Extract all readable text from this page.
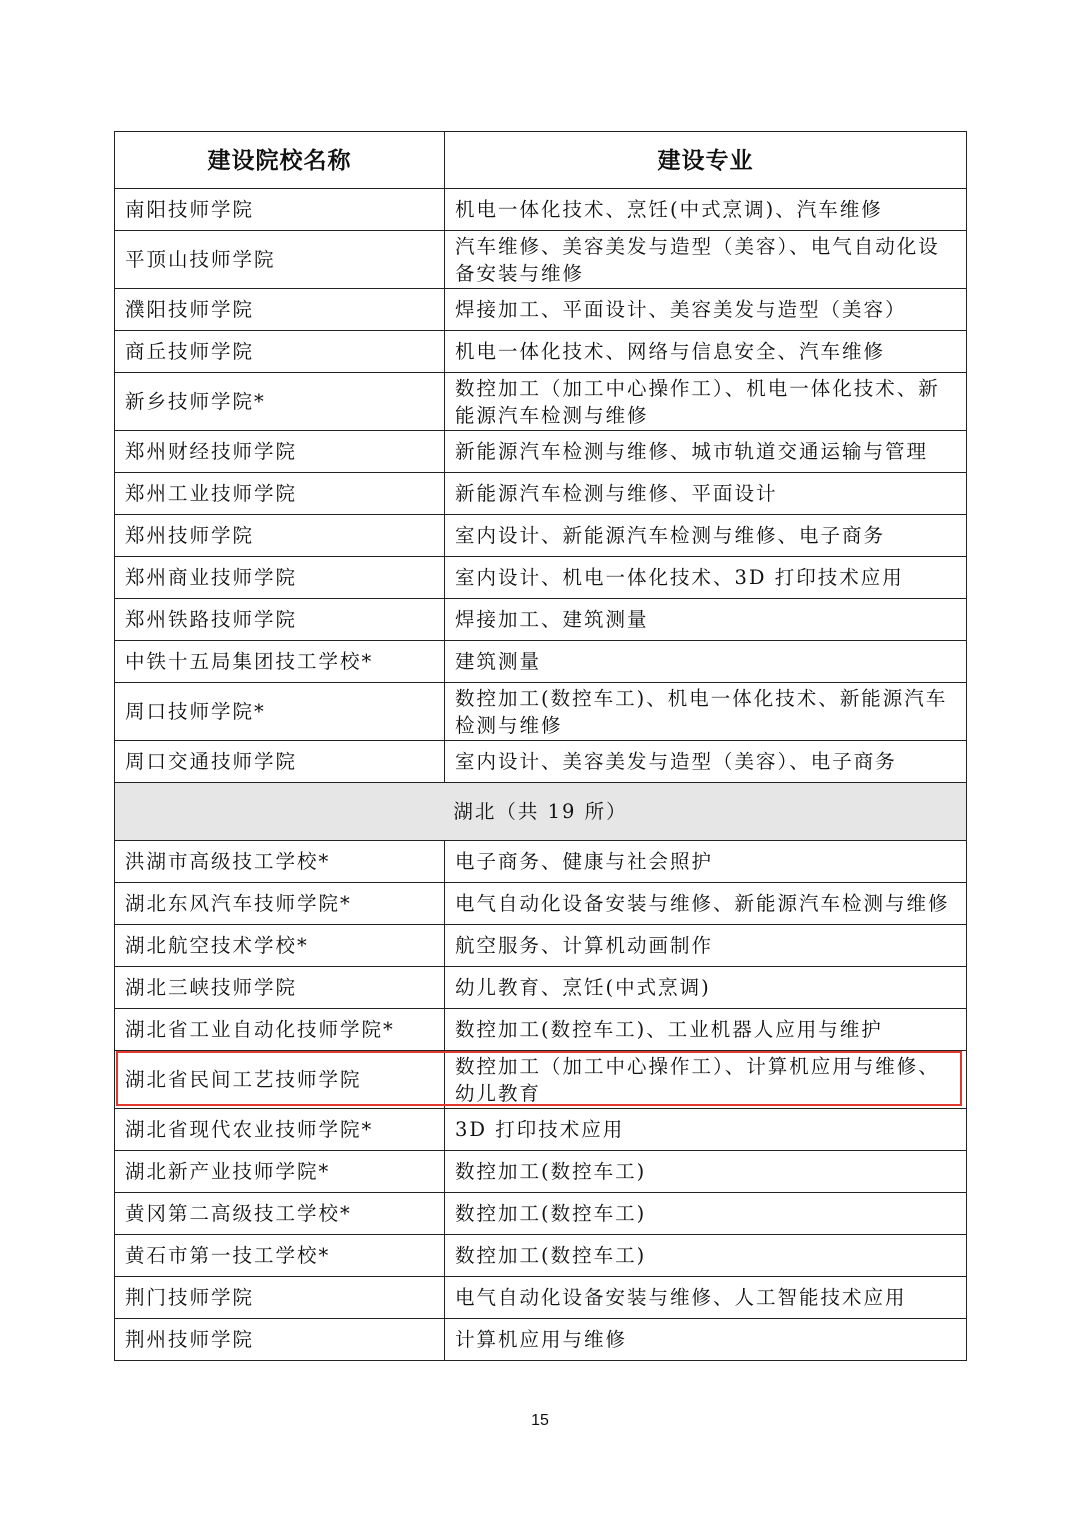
建设院校名称	建设专业
南阳技师学院	机电一体化技术、烹饪(中式烹调)、汽车维修
平顶山技师学院	汽车维修、美容美发与造型（美容）、电气自动化设备安装与维修
濮阳技师学院	焊接加工、平面设计、美容美发与造型（美容）
商丘技师学院	机电一体化技术、网络与信息安全、汽车维修
新乡技师学院*	数控加工（加工中心操作工）、机电一体化技术、新能源汽车检测与维修
郑州财经技师学院	新能源汽车检测与维修、城市轨道交通运输与管理
郑州工业技师学院	新能源汽车检测与维修、平面设计
郑州技师学院	室内设计、新能源汽车检测与维修、电子商务
郑州商业技师学院	室内设计、机电一体化技术、3D 打印技术应用
郑州铁路技师学院	焊接加工、建筑测量
中铁十五局集团技工学校*	建筑测量
周口技师学院*	数控加工(数控车工)、机电一体化技术、新能源汽车检测与维修
周口交通技师学院	室内设计、美容美发与造型（美容）、电子商务
湖北（共 19 所）	
洪湖市高级技工学校*	电子商务、健康与社会照护
湖北东风汽车技师学院*	电气自动化设备安装与维修、新能源汽车检测与维修
湖北航空技术学校*	航空服务、计算机动画制作
湖北三峡技师学院	幼儿教育、烹饪(中式烹调)
湖北省工业自动化技师学院*	数控加工(数控车工)、工业机器人应用与维护
湖北省民间工艺技师学院	数控加工（加工中心操作工）、计算机应用与维修、幼儿教育
湖北省现代农业技师学院*	3D 打印技术应用
湖北新产业技师学院*	数控加工(数控车工)
黄冈第二高级技工学校*	数控加工(数控车工)
黄石市第一技工学校*	数控加工(数控车工)
荆门技师学院	电气自动化设备安装与维修、人工智能技术应用
荆州技师学院	计算机应用与维修
15
